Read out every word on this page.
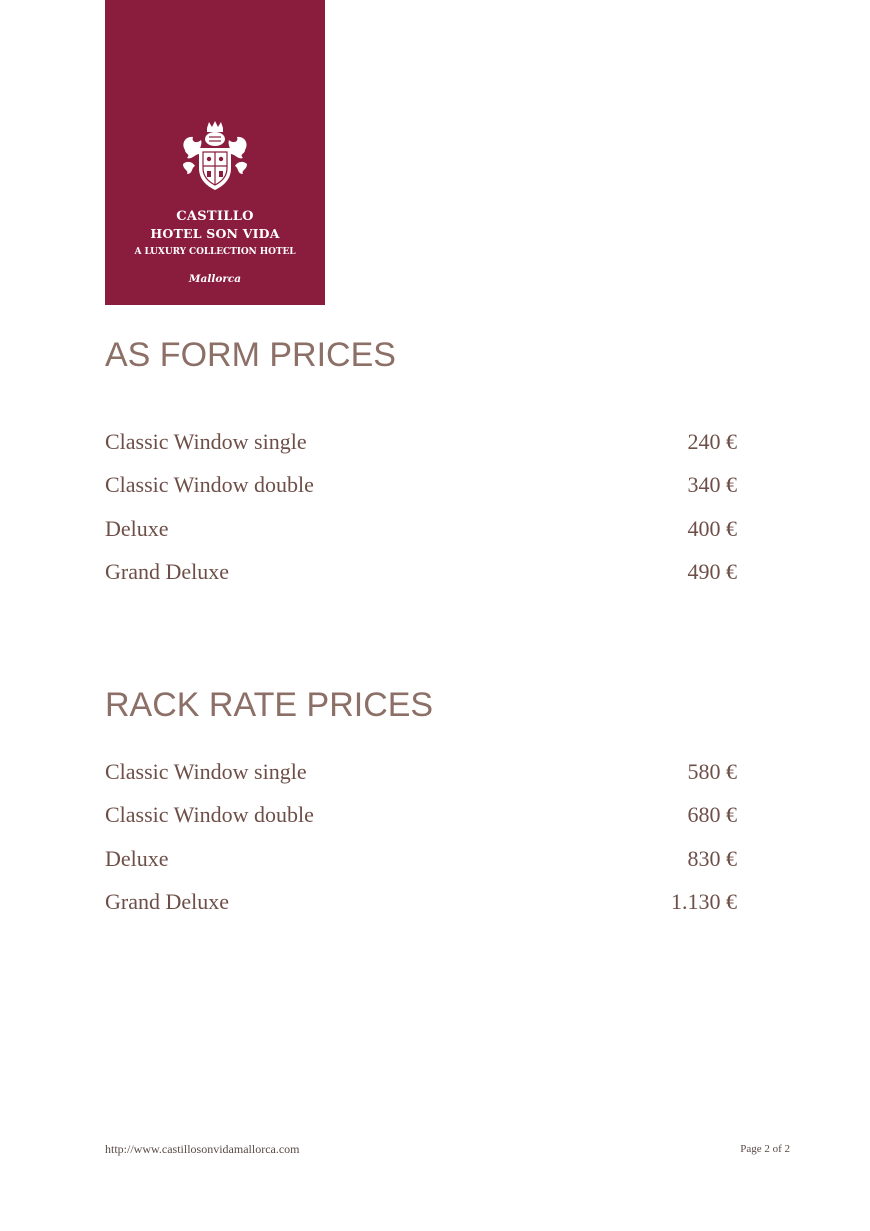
CASTILLO
HOTEL SON VIDA
A LUXURY COLLECTION HOTEL
Mallorca
AS FORM PRICES
Classic Window single	240 €
Classic Window double	340 €
Deluxe	400 €
Grand Deluxe	490 €
RACK RATE PRICES
Classic Window single	580 €
Classic Window double	680 €
Deluxe	830 €
Grand Deluxe	1.130 €
http://www.castillosonvidamallorca.com	Page 2 of 2
